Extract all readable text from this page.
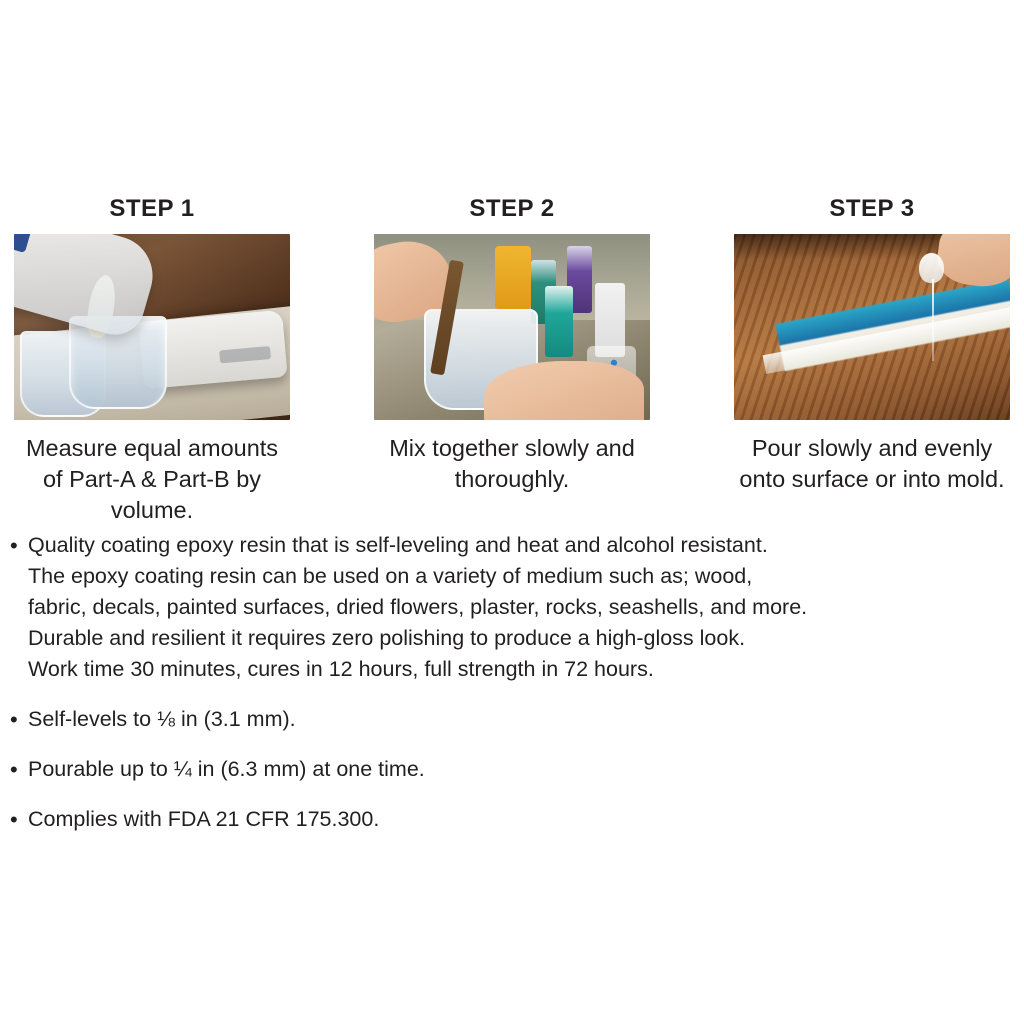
STEP 1
Measure equal amounts of Part-A & Part-B by volume.
STEP 2
Mix together slowly and thoroughly.
STEP 3
Pour slowly and evenly onto surface or into mold.
• Quality coating epoxy resin that is self-leveling and heat and alcohol resistant.

The epoxy coating resin can be used on a variety of medium such as; wood,

fabric, decals, painted surfaces, dried flowers, plaster, rocks, seashells, and more.

Durable and resilient it requires zero polishing to produce a high-gloss look.

Work time 30 minutes, cures in 12 hours, full strength in 72 hours.

• Self-levels to ⅛ in (3.1 mm).

• Pourable up to ¼ in (6.3 mm) at one time.

• Complies with FDA 21 CFR 175.300.
